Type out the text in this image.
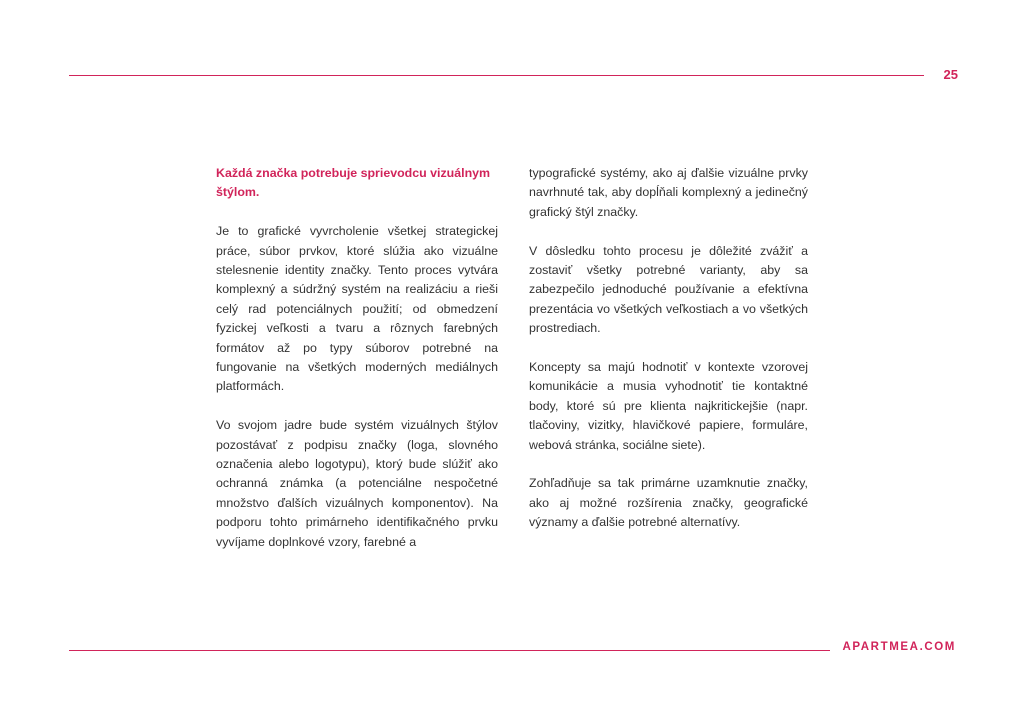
25

Každá značka potrebuje sprievodcu vizuálnym štýlom.

Je to grafické vyvrcholenie všetkej strategickej práce, súbor prvkov, ktoré slúžia ako vizuálne stelesnenie identity značky. Tento proces vytvára komplexný a súdržný systém na realizáciu a rieši celý rad potenciálnych použití; od obmedzení fyzickej veľkosti a tvaru a rôznych farebných formátov až po typy súborov potrebné na fungovanie na všetkých moderných mediálnych platformách.

Vo svojom jadre bude systém vizuálnych štýlov pozostávať z podpisu značky (loga, slovného označenia alebo logotypu), ktorý bude slúžiť ako ochranná známka (a potenciálne nespočetné množstvo ďalších vizuálnych komponentov). Na podporu tohto primárneho identifikačného prvku vyvíjame doplnkové vzory, farebné a

typografické systémy, ako aj ďalšie vizuálne prvky navrhnuté tak, aby dopĺňali komplexný a jedinečný grafický štýl značky.

V dôsledku tohto procesu je dôležité zvážiť a zostaviť všetky potrebné varianty, aby sa zabezpečilo jednoduché používanie a efektívna prezentácia vo všetkých veľkostiach a vo všetkých prostrediach.

Koncepty sa majú hodnotiť v kontexte vzorovej komunikácie a musia vyhodnotiť tie kontaktné body, ktoré sú pre klienta najkritickejšie (napr. tlačoviny, vizitky, hlavičkové papiere, formuláre, webová stránka, sociálne siete).

Zohľadňuje sa tak primárne uzamknutie značky, ako aj možné rozšírenia značky, geografické významy a ďalšie potrebné alternatívy.

APARTMEA.COM
